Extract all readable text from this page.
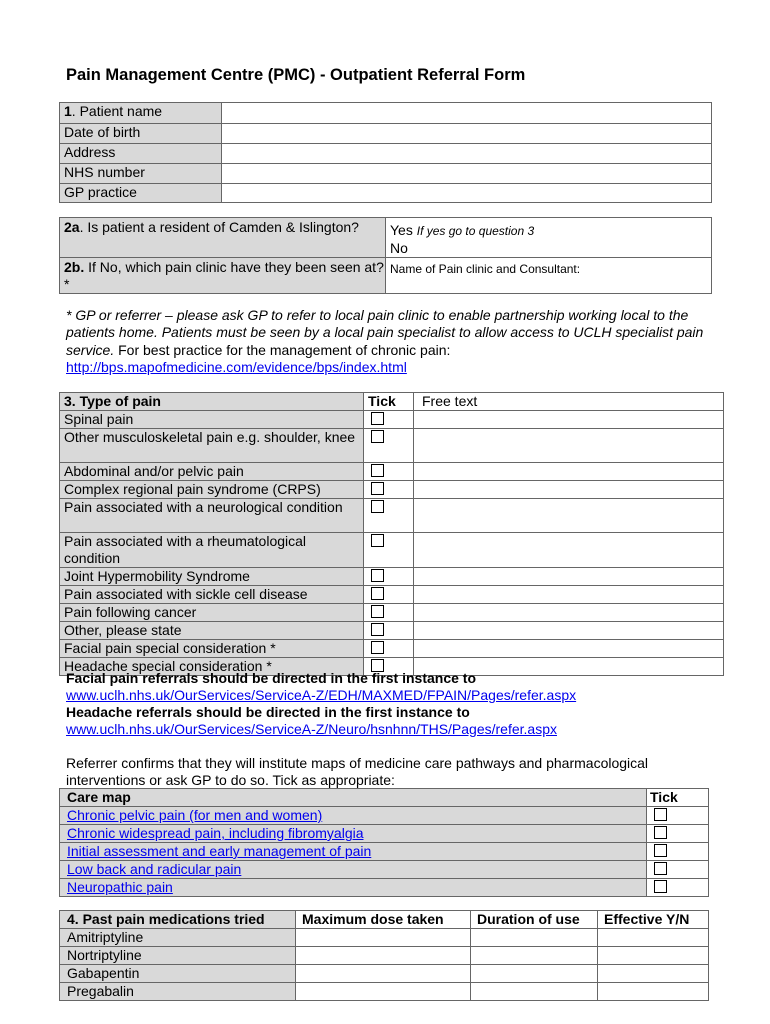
Pain Management Centre (PMC) - Outpatient Referral Form
1. Patient name	
Date of birth	
Address	
NHS number	
GP practice	
2a. Is patient a resident of Camden & Islington?	Yes If yes go to question 3
No
2b. If No, which pain clinic have they been seen at? *	Name of Pain clinic and Consultant:
* GP or referrer – please ask GP to refer to local pain clinic to enable partnership working local to the patients home. Patients must be seen by a local pain specialist to allow access to UCLH specialist pain service. For best practice for the management of chronic pain:
http://bps.mapofmedicine.com/evidence/bps/index.html
3. Type of pain	Tick	Free text
Spinal pain	

Other musculoskeletal pain e.g. shoulder, knee	

Abdominal and/or pelvic pain	

Complex regional pain syndrome (CRPS)	

Pain associated with a neurological condition	

Pain associated with a rheumatological condition	

Joint Hypermobility Syndrome	

Pain associated with sickle cell disease	

Pain following cancer	

Other, please state	

Facial pain special consideration *	

Headache special consideration *	

Facial pain referrals should be directed in the first instance to
www.uclh.nhs.uk/OurServices/ServiceA-Z/EDH/MAXMED/FPAIN/Pages/refer.aspx
Headache referrals should be directed in the first instance to
www.uclh.nhs.uk/OurServices/ServiceA-Z/Neuro/hsnhnn/THS/Pages/refer.aspx
Referrer confirms that they will institute maps of medicine care pathways and pharmacological interventions or ask GP to do so. Tick as appropriate:
Care map	Tick
Chronic pelvic pain (for men and women)	

Chronic widespread pain, including fibromyalgia	

Initial assessment and early management of pain	

Low back and radicular pain	

Neuropathic pain	
4. Past pain medications tried	Maximum dose taken	Duration of use	Effective Y/N
Amitriptyline			
Nortriptyline			
Gabapentin			
Pregabalin			
